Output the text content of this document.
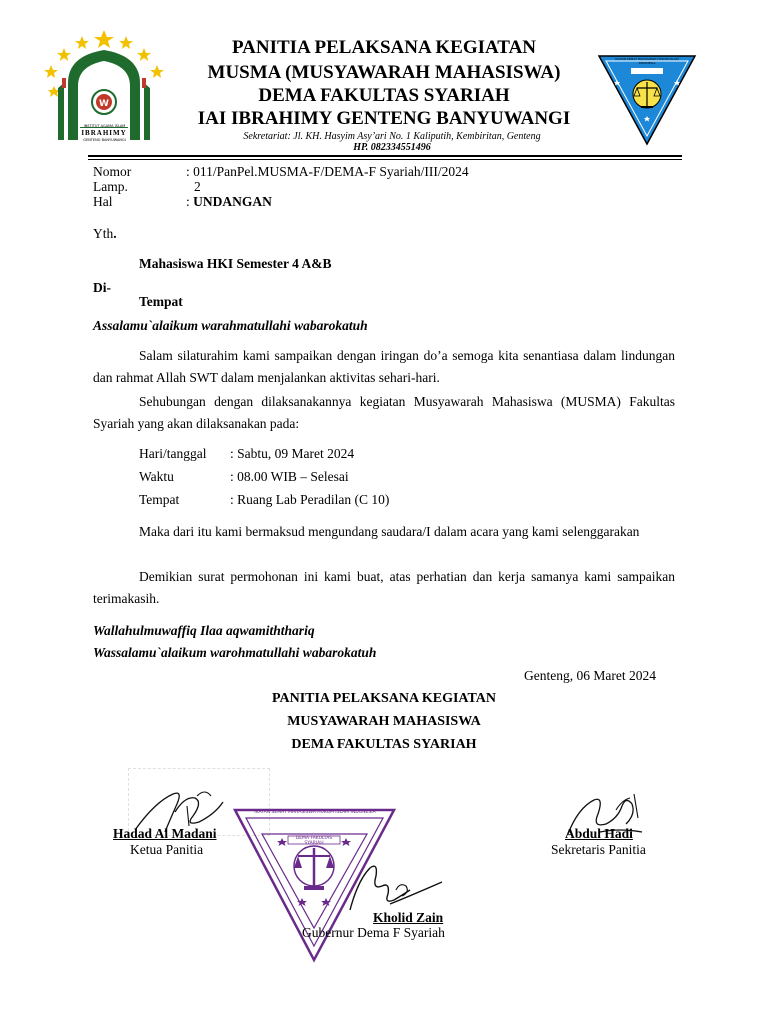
W
INSTITUT AGAMA ISLAM
IBRAHIMY
GENTENG BANYUWANGI
PANITIA PELAKSANA KEGIATAN
MUSMA (MUSYAWARAH MAHASISWA)
DEMA FAKULTAS SYARIAH
IAI IBRAHIMY GENTENG BANYUWANGI
Sekretariat: Jl. KH. Hasyim Asy’ari No. 1 Kaliputih, Kembiritan, Genteng
HP. 082334551496
IKATAN SEMAT MAHASISWA HUKUM ISLAM INDONESIA
Nomor	: 011/PanPel.MUSMA-F/DEMA-F Syariah/III/2024
Lamp.	2
Hal	: UNDANGAN
Yth.
Mahasiswa HKI Semester 4 A&B
Di-
Tempat
Assalamu`alaikum warahmatullahi wabarokatuh
Salam silaturahim kami sampaikan dengan iringan do’a semoga kita senantiasa dalam lindungan dan rahmat Allah SWT dalam menjalankan aktivitas sehari-hari.
Sehubungan dengan dilaksanakannya kegiatan Musyawarah Mahasiswa (MUSMA) Fakultas Syariah yang akan dilaksanakan pada:
Hari/tanggal : Sabtu, 09 Maret 2024
Waktu	: 08.00 WIB – Selesai
Tempat	: Ruang Lab Peradilan (C 10)
Maka dari itu kami bermaksud mengundang saudara/I dalam acara yang kami selenggarakan
Demikian surat permohonan ini kami buat, atas perhatian dan kerja samanya kami sampaikan terimakasih.
Wallahulmuwaffiq Ilaa aqwamiththariq
Wassalamu`alaikum warohmatullahi wabarokatuh
Genteng, 06 Maret 2024
PANITIA PELAKSANA KEGIATAN
MUSYAWARAH MAHASISWA
DEMA FAKULTAS SYARIAH
IKATAN SEMAT MAHASISWA HUKUM ISLAM INDONESIA
DEMA FAKULTAS SYARIAH
Hadad Al Madani
Ketua Panitia
Abdul Hadi
Sekretaris Panitia
Kholid Zain
Gubernur Dema F Syariah
